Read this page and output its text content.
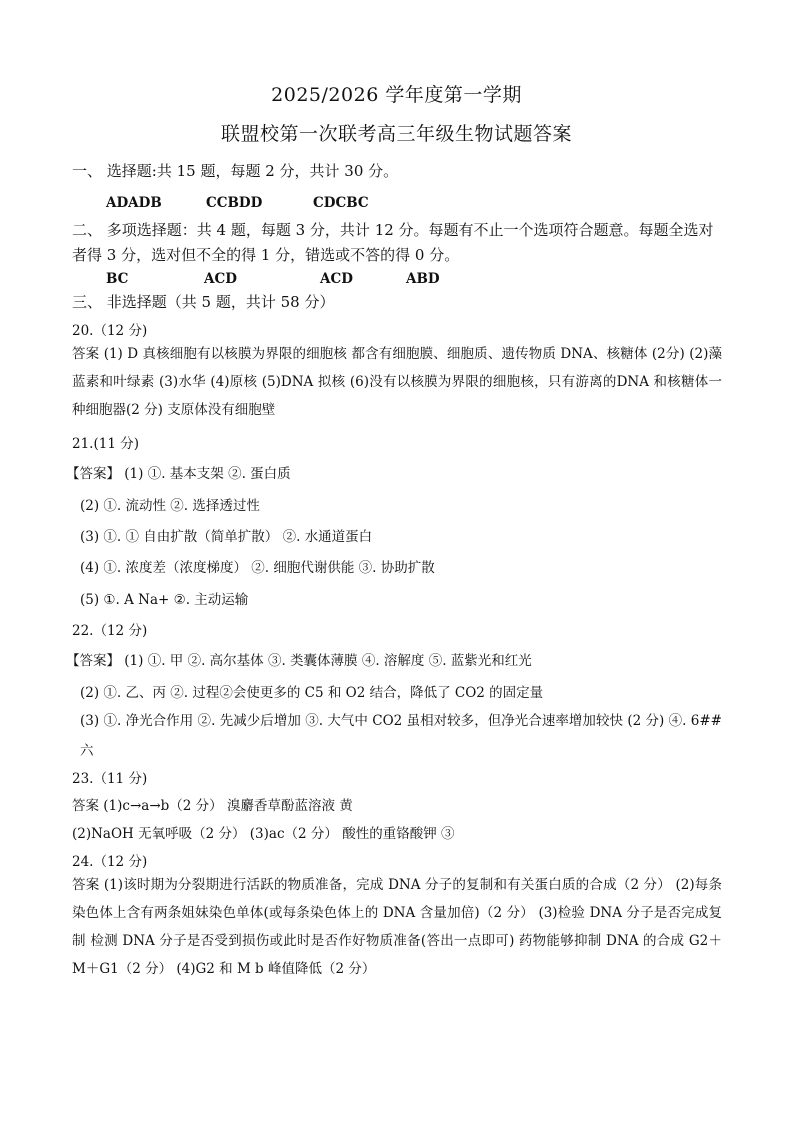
2025/2026 学年度第一学期
联盟校第一次联考高三年级生物试题答案
一、 选择题:共 15 题，每题 2 分，共计 30 分。
ADADB	CCBDD	CDCBC
二、 多项选择题：共 4 题，每题 3 分，共计 12 分。每题有不止一个选项符合题意。每题全选对者得 3 分，选对但不全的得 1 分，错选或不答的得 0 分。
BC	ACD	ACD	ABD
三、 非选择题（共 5 题，共计 58 分）
20.（12 分)
答案 (1) D 真核细胞有以核膜为界限的细胞核 都含有细胞膜、细胞质、遗传物质 DNA、核糖体 (2分) (2)藻蓝素和叶绿素 (3)水华 (4)原核 (5)DNA 拟核 (6)没有以核膜为界限的细胞核，只有游离的DNA 和核糖体一种细胞器(2 分) 支原体没有细胞壁
21.(11 分)
【答案】 (1) ①. 基本支架 ②. 蛋白质
(2) ①. 流动性 ②. 选择透过性
(3) ①. ① 自由扩散（简单扩散） ②. 水通道蛋白
(4) ①. 浓度差（浓度梯度） ②. 细胞代谢供能 ③. 协助扩散
(5) ①. A Na+ ②. 主动运输
22.（12 分)
【答案】 (1) ①. 甲 ②. 高尔基体 ③. 类囊体薄膜 ④. 溶解度 ⑤. 蓝紫光和红光
(2) ①. 乙、丙 ②. 过程②会使更多的 C5 和 O2 结合，降低了 CO2 的固定量
(3) ①. 净光合作用 ②. 先减少后增加 ③. 大气中 CO2 虽相对较多，但净光合速率增加较快 (2 分) ④. 6##六
23.（11 分)
答案 (1)c→a→b（2 分） 溴麝香草酚蓝溶液 黄
(2)NaOH 无氧呼吸（2 分） (3)ac（2 分） 酸性的重铬酸钾 ③
24.（12 分)
答案 (1)该时期为分裂期进行活跃的物质准备，完成 DNA 分子的复制和有关蛋白质的合成（2 分） (2)每条染色体上含有两条姐妹染色单体(或每条染色体上的 DNA 含量加倍)（2 分） (3)检验 DNA 分子是否完成复制 检测 DNA 分子是否受到损伤或此时是否作好物质准备(答出一点即可) 药物能够抑制 DNA 的合成 G2＋M＋G1（2 分） (4)G2 和 M b 峰值降低（2 分）
